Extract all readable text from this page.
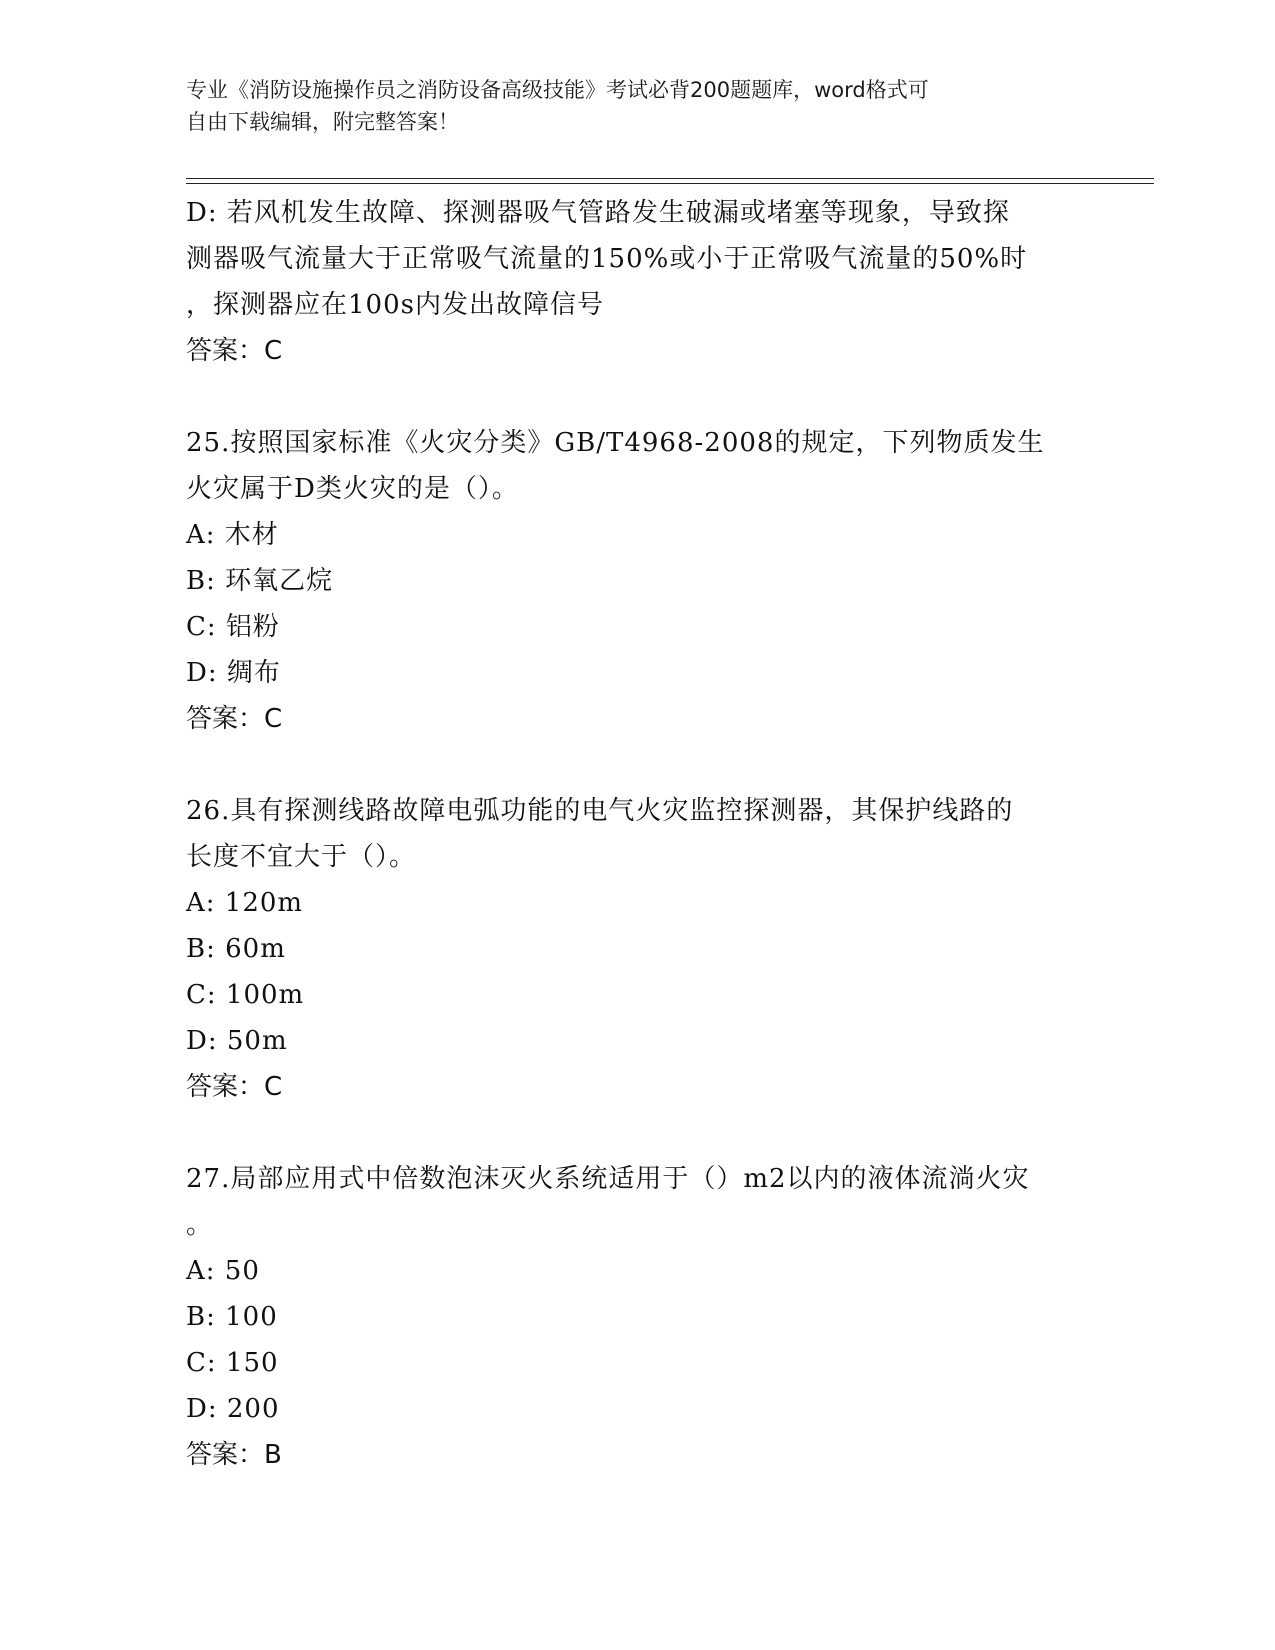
专业《消防设施操作员之消防设备高级技能》考试必背200题题库，word格式可
自由下载编辑，附完整答案！
D: 若风机发生故障、探测器吸气管路发生破漏或堵塞等现象，导致探
测器吸气流量大于正常吸气流量的150%或小于正常吸气流量的50%时
，探测器应在100s内发出故障信号
答案：C
25.按照国家标准《火灾分类》GB/T4968-2008的规定，下列物质发生
火灾属于D类火灾的是（）。
A: 木材
B: 环氧乙烷
C: 铝粉
D: 绸布
答案：C
26.具有探测线路故障电弧功能的电气火灾监控探测器，其保护线路的
长度不宜大于（）。
A: 120m
B: 60m
C: 100m
D: 50m
答案：C
27.局部应用式中倍数泡沫灭火系统适用于（）m2以内的液体流淌火灾
。
A: 50
B: 100
C: 150
D: 200
答案：B
